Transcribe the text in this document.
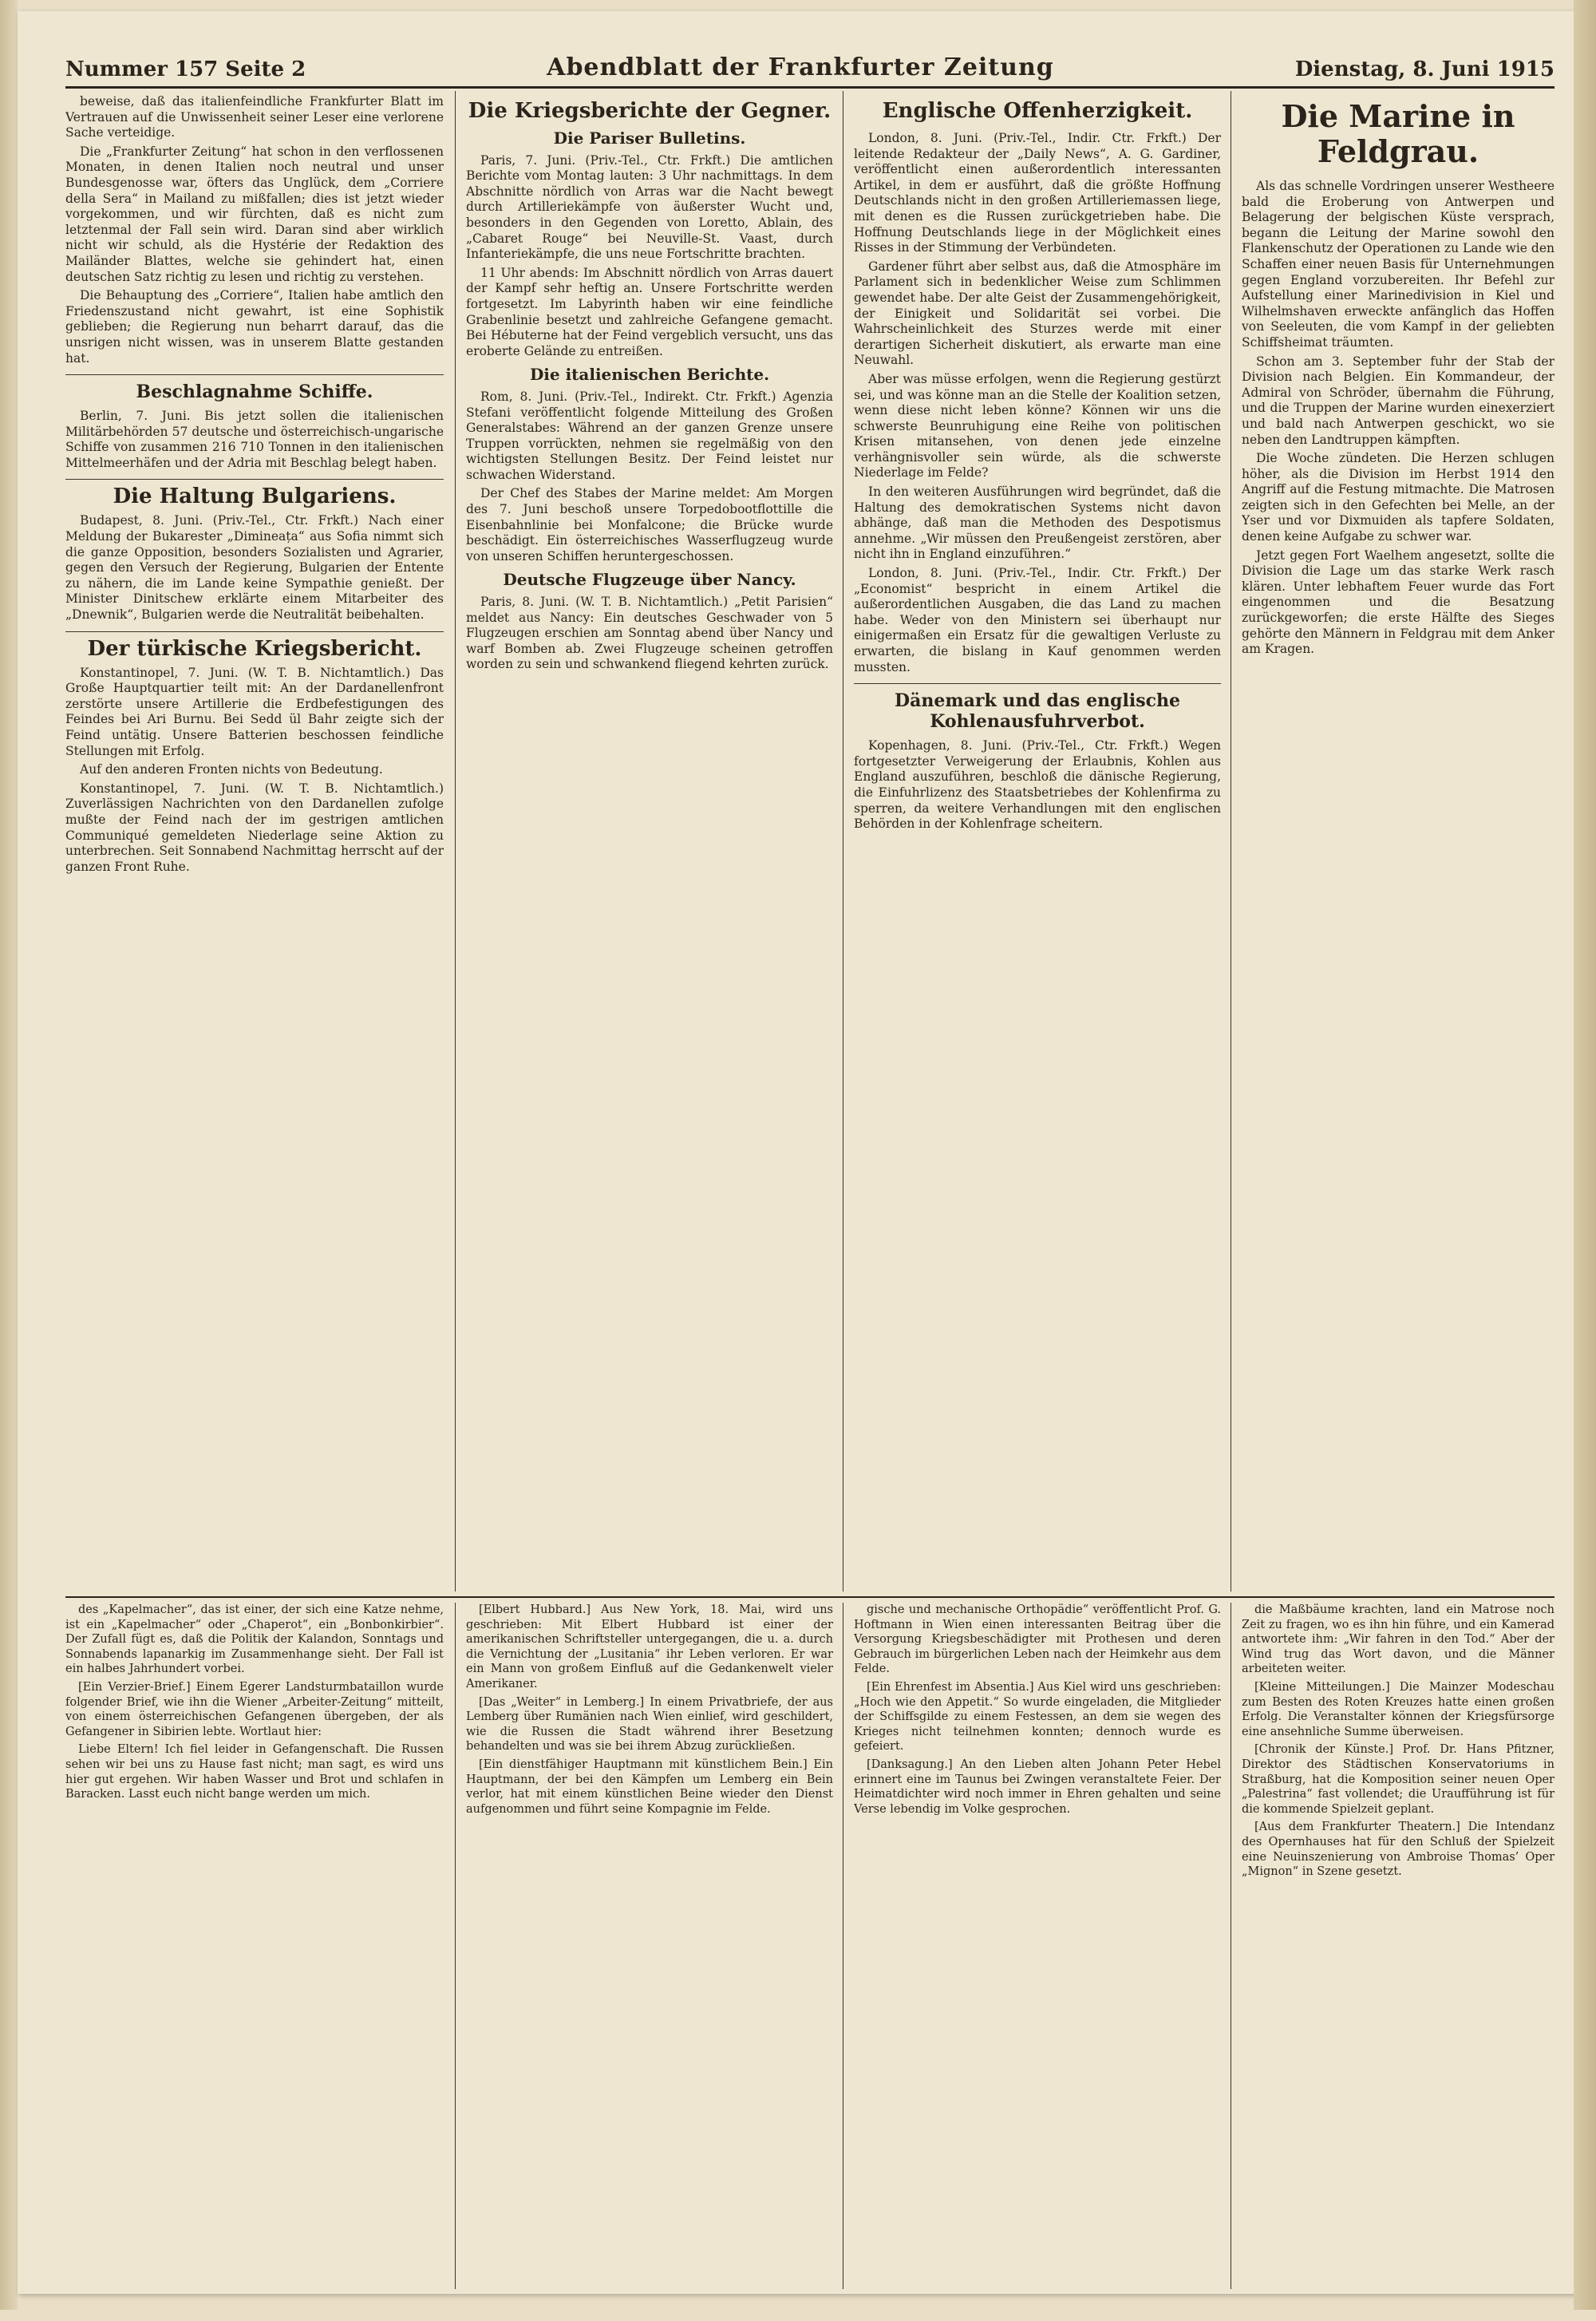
Nummer 157 Seite 2	Abendblatt der Frankfurter Zeitung	Dienstag, 8. Juni 1915

beweise, daß das italienfeindliche Frankfurter Blatt im Vertrauen auf die Unwissenheit seiner Leser eine verlorene Sache verteidige.

Die „Frankfurter Zeitung“ hat schon in den verflossenen Monaten, in denen Italien noch neutral und unser Bundesgenosse war, öfters das Unglück, dem „Corriere della Sera“ in Mailand zu mißfallen; dies ist jetzt wieder vorgekommen, und wir fürchten, daß es nicht zum letztenmal der Fall sein wird. Daran sind aber wirklich nicht wir schuld, als die Hystérie der Redaktion des Mailänder Blattes, welche sie gehindert hat, einen deutschen Satz richtig zu lesen und richtig zu verstehen.

Die Behauptung des „Corriere“, Italien habe amtlich den Friedenszustand nicht gewahrt, ist eine Sophistik geblieben; die Regierung nun beharrt darauf, das die unsrigen nicht wissen, was in unserem Blatte gestanden hat.

Beschlagnahme Schiffe.

Berlin, 7. Juni. Bis jetzt sollen die italienischen Militärbehörden 57 deutsche und österreichisch-ungarische Schiffe von zusammen 216 710 Tonnen in den italienischen Mittelmeerhäfen und der Adria mit Beschlag belegt haben.

Die Haltung Bulgariens.

Budapest, 8. Juni. (Priv.-Tel., Ctr. Frkft.) Nach einer Meldung der Bukarester „Dimineața“ aus Sofia nimmt sich die ganze Opposition, besonders Sozialisten und Agrarier, gegen den Versuch der Regierung, Bulgarien der Entente zu nähern, die im Lande keine Sympathie genießt. Der Minister Dinitschew erklärte einem Mitarbeiter des „Dnewnik“, Bulgarien werde die Neutralität beibehalten.

Der türkische Kriegsbericht.

Konstantinopel, 7. Juni. (W. T. B. Nichtamtlich.) Das Große Hauptquartier teilt mit: An der Dardanellenfront zerstörte unsere Artillerie die Erdbefestigungen des Feindes bei Ari Burnu. Bei Sedd ül Bahr zeigte sich der Feind untätig. Unsere Batterien beschossen feindliche Stellungen mit Erfolg.

Auf den anderen Fronten nichts von Bedeutung.

Konstantinopel, 7. Juni. (W. T. B. Nichtamtlich.) Zuverlässigen Nachrichten von den Dardanellen zufolge mußte der Feind nach der im gestrigen amtlichen Communiqué gemeldeten Niederlage seine Aktion zu unterbrechen. Seit Sonnabend Nachmittag herrscht auf der ganzen Front Ruhe.

Die Kriegsberichte der Gegner.
Die Pariser Bulletins.

Paris, 7. Juni. (Priv.-Tel., Ctr. Frkft.) Die amtlichen Berichte vom Montag lauten: 3 Uhr nachmittags. In dem Abschnitte nördlich von Arras war die Nacht bewegt durch Artilleriekämpfe von äußerster Wucht und, besonders in den Gegenden von Loretto, Ablain, des „Cabaret Rouge“ bei Neuville-St. Vaast, durch Infanteriekämpfe, die uns neue Fortschritte brachten.

11 Uhr abends: Im Abschnitt nördlich von Arras dauert der Kampf sehr heftig an. Unsere Fortschritte werden fortgesetzt. Im Labyrinth haben wir eine feindliche Grabenlinie besetzt und zahlreiche Gefangene gemacht. Bei Hébuterne hat der Feind vergeblich versucht, uns das eroberte Gelände zu entreißen.

Die italienischen Berichte.

Rom, 8. Juni. (Priv.-Tel., Indirekt. Ctr. Frkft.) Agenzia Stefani veröffentlicht folgende Mitteilung des Großen Generalstabes: Während an der ganzen Grenze unsere Truppen vorrückten, nehmen sie regelmäßig von den wichtigsten Stellungen Besitz. Der Feind leistet nur schwachen Widerstand.

Der Chef des Stabes der Marine meldet: Am Morgen des 7. Juni beschoß unsere Torpedobootflottille die Eisenbahnlinie bei Monfalcone; die Brücke wurde beschädigt. Ein österreichisches Wasserflugzeug wurde von unseren Schiffen heruntergeschossen.

Deutsche Flugzeuge über Nancy.

Paris, 8. Juni. (W. T. B. Nichtamtlich.) „Petit Parisien“ meldet aus Nancy: Ein deutsches Geschwader von 5 Flugzeugen erschien am Sonntag abend über Nancy und warf Bomben ab. Zwei Flugzeuge scheinen getroffen worden zu sein und schwankend fliegend kehrten zurück.

Englische Offenherzigkeit.

London, 8. Juni. (Priv.-Tel., Indir. Ctr. Frkft.) Der leitende Redakteur der „Daily News“, A. G. Gardiner, veröffentlicht einen außerordentlich interessanten Artikel, in dem er ausführt, daß die größte Hoffnung Deutschlands nicht in den großen Artilleriemassen liege, mit denen es die Russen zurückgetrieben habe. Die Hoffnung Deutschlands liege in der Möglichkeit eines Risses in der Stimmung der Verbündeten.

Gardener führt aber selbst aus, daß die Atmosphäre im Parlament sich in bedenklicher Weise zum Schlimmen gewendet habe. Der alte Geist der Zusammengehörigkeit, der Einigkeit und Solidarität sei vorbei. Die Wahrscheinlichkeit des Sturzes werde mit einer derartigen Sicherheit diskutiert, als erwarte man eine Neuwahl.

Aber was müsse erfolgen, wenn die Regierung gestürzt sei, und was könne man an die Stelle der Koalition setzen, wenn diese nicht leben könne? Können wir uns die schwerste Beunruhigung eine Reihe von politischen Krisen mitansehen, von denen jede einzelne verhängnisvoller sein würde, als die schwerste Niederlage im Felde?

In den weiteren Ausführungen wird begründet, daß die Haltung des demokratischen Systems nicht davon abhänge, daß man die Methoden des Despotismus annehme. „Wir müssen den Preußengeist zerstören, aber nicht ihn in England einzuführen.“

London, 8. Juni. (Priv.-Tel., Indir. Ctr. Frkft.) Der „Economist“ bespricht in einem Artikel die außerordentlichen Ausgaben, die das Land zu machen habe. Weder von den Ministern sei überhaupt nur einigermaßen ein Ersatz für die gewaltigen Verluste zu erwarten, die bislang in Kauf genommen werden mussten.

Dänemark und das englische Kohlenausfuhrverbot.

Kopenhagen, 8. Juni. (Priv.-Tel., Ctr. Frkft.) Wegen fortgesetzter Verweigerung der Erlaubnis, Kohlen aus England auszuführen, beschloß die dänische Regierung, die Einfuhrlizenz des Staatsbetriebes der Kohlenfirma zu sperren, da weitere Verhandlungen mit den englischen Behörden in der Kohlenfrage scheitern.

Die Marine in Feldgrau.

Als das schnelle Vordringen unserer Westheere bald die Eroberung von Antwerpen und Belagerung der belgischen Küste versprach, begann die Leitung der Marine sowohl den Flankenschutz der Operationen zu Lande wie den Schaffen einer neuen Basis für Unternehmungen gegen England vorzubereiten. Ihr Befehl zur Aufstellung einer Marinedivision in Kiel und Wilhelmshaven erweckte anfänglich das Hoffen von Seeleuten, die vom Kampf in der geliebten Schiffsheimat träumten.

Schon am 3. September fuhr der Stab der Division nach Belgien. Ein Kommandeur, der Admiral von Schröder, übernahm die Führung, und die Truppen der Marine wurden einexerziert und bald nach Antwerpen geschickt, wo sie neben den Landtruppen kämpften.

Die Woche zündeten. Die Herzen schlugen höher, als die Division im Herbst 1914 den Angriff auf die Festung mitmachte. Die Matrosen zeigten sich in den Gefechten bei Melle, an der Yser und vor Dixmuiden als tapfere Soldaten, denen keine Aufgabe zu schwer war.

Jetzt gegen Fort Waelhem angesetzt, sollte die Division die Lage um das starke Werk rasch klären. Unter lebhaftem Feuer wurde das Fort eingenommen und die Besatzung zurückgeworfen; die erste Hälfte des Sieges gehörte den Männern in Feldgrau mit dem Anker am Kragen.

des „Kapelmacher“, das ist einer, der sich eine Katze nehme, ist ein „Kapelmacher“ oder „Chaperot“, ein „Bonbonkirbier“. Der Zufall fügt es, daß die Politik der Kalandon, Sonntags und Sonnabends lapanarkig im Zusammenhange sieht. Der Fall ist ein halbes Jahrhundert vorbei.

[Ein Verzier-Brief.] Einem Egerer Landsturmbataillon wurde folgender Brief, wie ihn die Wiener „Arbeiter-Zeitung“ mitteilt, von einem österreichischen Gefangenen übergeben, der als Gefangener in Sibirien lebte. Wortlaut hier:

Liebe Eltern! Ich fiel leider in Gefangenschaft. Die Russen sehen wir bei uns zu Hause fast nicht; man sagt, es wird uns hier gut ergehen. Wir haben Wasser und Brot und schlafen in Baracken. Lasst euch nicht bange werden um mich.

[Elbert Hubbard.] Aus New York, 18. Mai, wird uns geschrieben: Mit Elbert Hubbard ist einer der amerikanischen Schriftsteller untergegangen, die u. a. durch die Vernichtung der „Lusitania“ ihr Leben verloren. Er war ein Mann von großem Einfluß auf die Gedankenwelt vieler Amerikaner.

[Das „Weiter“ in Lemberg.] In einem Privatbriefe, der aus Lemberg über Rumänien nach Wien einlief, wird geschildert, wie die Russen die Stadt während ihrer Besetzung behandelten und was sie bei ihrem Abzug zurückließen.

[Ein dienstfähiger Hauptmann mit künstlichem Bein.] Ein Hauptmann, der bei den Kämpfen um Lemberg ein Bein verlor, hat mit einem künstlichen Beine wieder den Dienst aufgenommen und führt seine Kompagnie im Felde.

gische und mechanische Orthopädie“ veröffentlicht Prof. G. Hoftmann in Wien einen interessanten Beitrag über die Versorgung Kriegsbeschädigter mit Prothesen und deren Gebrauch im bürgerlichen Leben nach der Heimkehr aus dem Felde.

[Ein Ehrenfest im Absentia.] Aus Kiel wird uns geschrieben: „Hoch wie den Appetit.“ So wurde eingeladen, die Mitglieder der Schiffsgilde zu einem Festessen, an dem sie wegen des Krieges nicht teilnehmen konnten; dennoch wurde es gefeiert.

[Danksagung.] An den Lieben alten Johann Peter Hebel erinnert eine im Taunus bei Zwingen veranstaltete Feier. Der Heimatdichter wird noch immer in Ehren gehalten und seine Verse lebendig im Volke gesprochen.

die Maßbäume krachten, land ein Matrose noch Zeit zu fragen, wo es ihn hin führe, und ein Kamerad antwortete ihm: „Wir fahren in den Tod.“ Aber der Wind trug das Wort davon, und die Männer arbeiteten weiter.

[Kleine Mitteilungen.] Die Mainzer Modeschau zum Besten des Roten Kreuzes hatte einen großen Erfolg. Die Veranstalter können der Kriegsfürsorge eine ansehnliche Summe überweisen.

[Chronik der Künste.] Prof. Dr. Hans Pfitzner, Direktor des Städtischen Konservatoriums in Straßburg, hat die Komposition seiner neuen Oper „Palestrina“ fast vollendet; die Uraufführung ist für die kommende Spielzeit geplant.

[Aus dem Frankfurter Theatern.] Die Intendanz des Opernhauses hat für den Schluß der Spielzeit eine Neuinszenierung von Ambroise Thomas’ Oper „Mignon“ in Szene gesetzt.
